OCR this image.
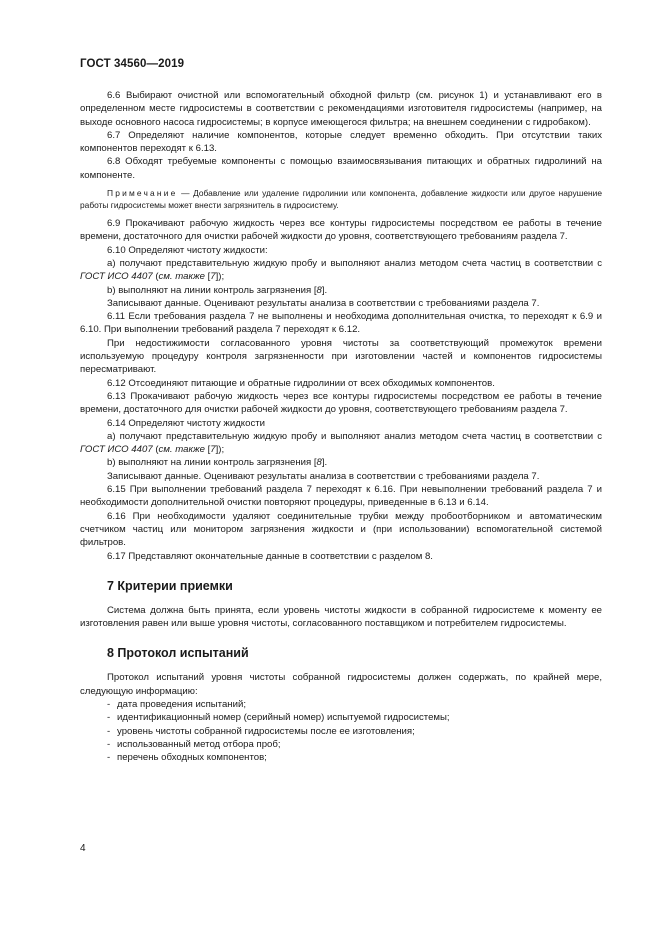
ГОСТ 34560—2019

6.6 Выбирают очистной или вспомогательный обходной фильтр (см. рисунок 1) и устанавливают его в определенном месте гидросистемы в соответствии с рекомендациями изготовителя гидросистемы (например, на выходе основного насоса гидросистемы; в корпусе имеющегося фильтра; на внешнем соединении с гидробаком).

6.7 Определяют наличие компонентов, которые следует временно обходить. При отсутствии таких компонентов переходят к 6.13.

6.8 Обходят требуемые компоненты с помощью взаимосвязывания питающих и обратных гидролиний на компоненте.

Примечание — Добавление или удаление гидролинии или компонента, добавление жидкости или другое нарушение работы гидросистемы может внести загрязнитель в гидросистему.

6.9 Прокачивают рабочую жидкость через все контуры гидросистемы посредством ее работы в течение времени, достаточного для очистки рабочей жидкости до уровня, соответствующего требованиям раздела 7.

6.10 Определяют чистоту жидкости:

a) получают представительную жидкую пробу и выполняют анализ методом счета частиц в соответствии с ГОСТ ИСО 4407 (см. также [7]);

b) выполняют на линии контроль загрязнения [8].

Записывают данные. Оценивают результаты анализа в соответствии с требованиями раздела 7.

6.11 Если требования раздела 7 не выполнены и необходима дополнительная очистка, то переходят к 6.9 и 6.10. При выполнении требований раздела 7 переходят к 6.12.

При недостижимости согласованного уровня чистоты за соответствующий промежуток времени используемую процедуру контроля загрязненности при изготовлении частей и компонентов гидросистемы пересматривают.

6.12 Отсоединяют питающие и обратные гидролинии от всех обходимых компонентов.

6.13 Прокачивают рабочую жидкость через все контуры гидросистемы посредством ее работы в течение времени, достаточного для очистки рабочей жидкости до уровня, соответствующего требованиям раздела 7.

6.14 Определяют чистоту жидкости

a) получают представительную жидкую пробу и выполняют анализ методом счета частиц в соответствии с ГОСТ ИСО 4407 (см. также [7]);

b) выполняют на линии контроль загрязнения [8].

Записывают данные. Оценивают результаты анализа в соответствии с требованиями раздела 7.

6.15 При выполнении требований раздела 7 переходят к 6.16. При невыполнении требований раздела 7 и необходимости дополнительной очистки повторяют процедуры, приведенные в 6.13 и 6.14.

6.16 При необходимости удаляют соединительные трубки между пробоотборником и автоматическим счетчиком частиц или монитором загрязнения жидкости и (при использовании) вспомогательной системой фильтров.

6.17 Представляют окончательные данные в соответствии с разделом 8.

7 Критерии приемки

Система должна быть принята, если уровень чистоты жидкости в собранной гидросистеме к моменту ее изготовления равен или выше уровня чистоты, согласованного поставщиком и потребителем гидросистемы.

8 Протокол испытаний

Протокол испытаний уровня чистоты собранной гидросистемы должен содержать, по крайней мере, следующую информацию:

- дата проведения испытаний;
- идентификационный номер (серийный номер) испытуемой гидросистемы;
- уровень чистоты собранной гидросистемы после ее изготовления;
- использованный метод отбора проб;
- перечень обходных компонентов;
4
